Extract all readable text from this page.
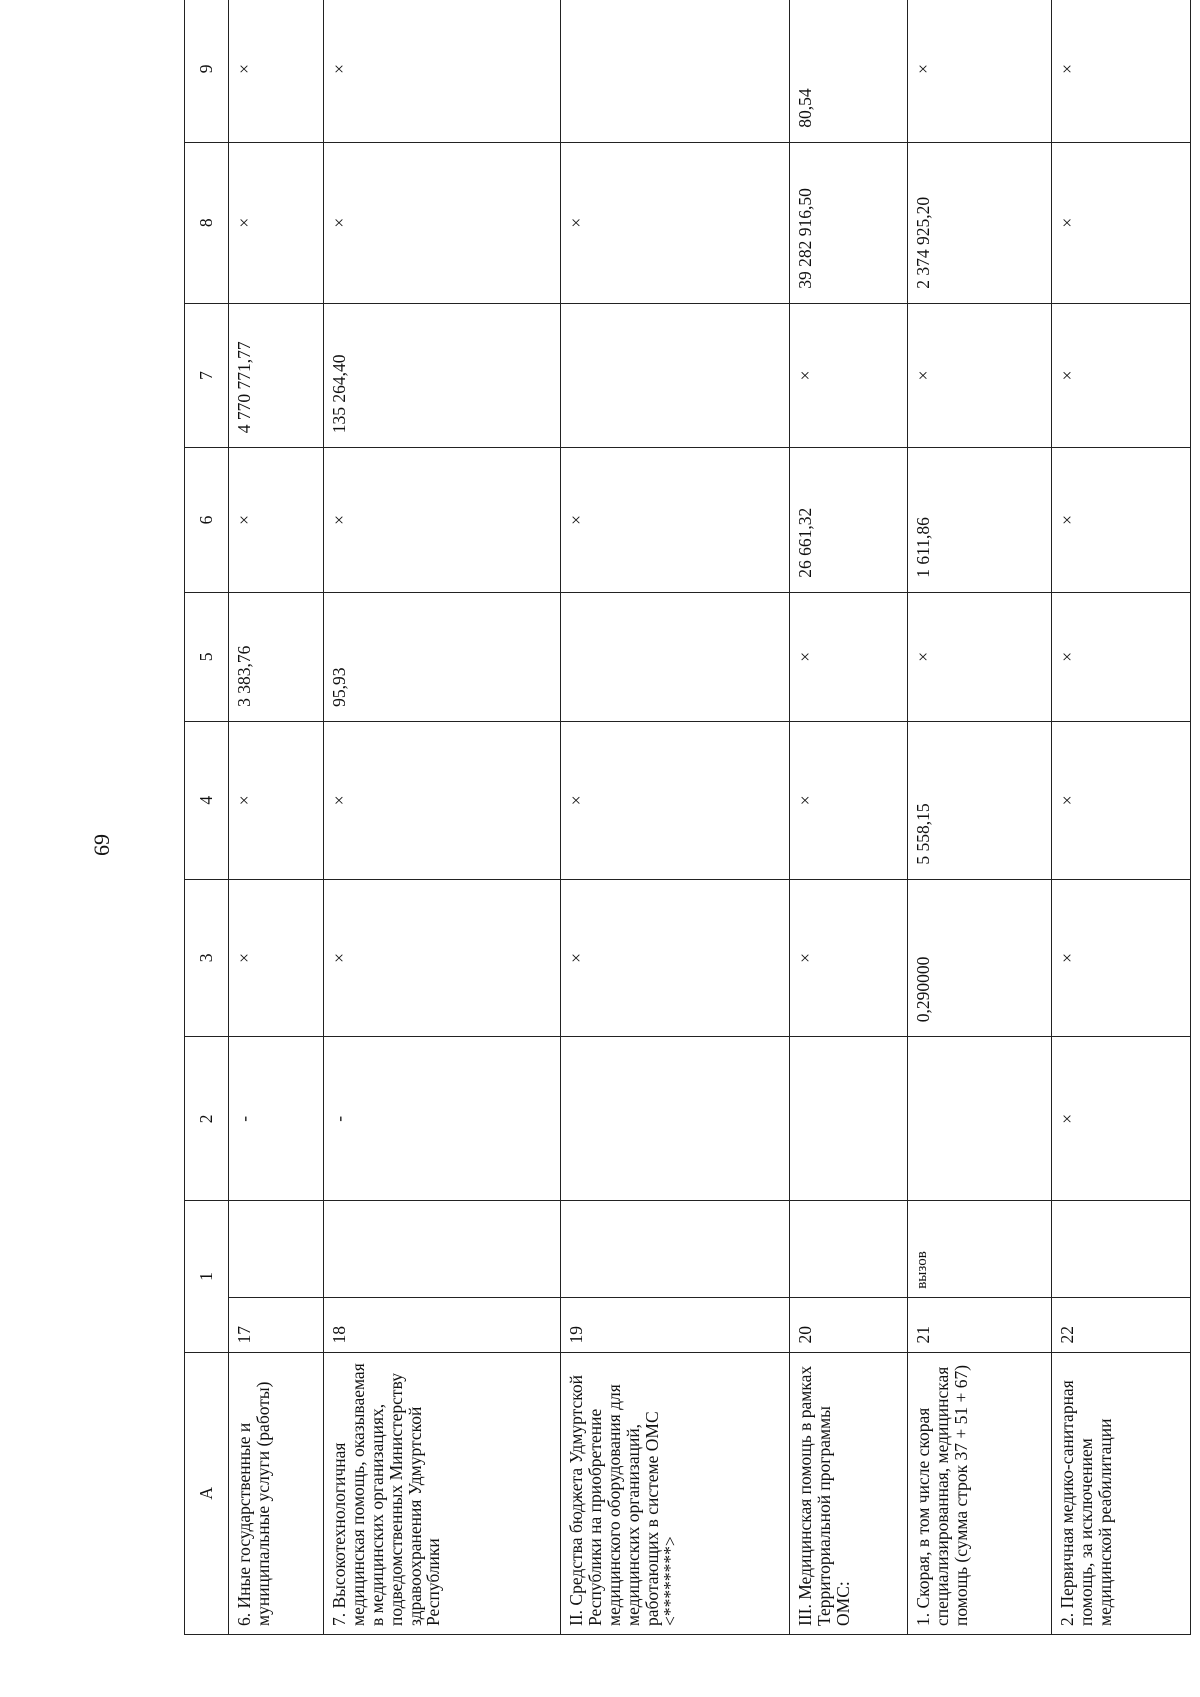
69
А	1		2	3	4	5	6	7	8	9
6. Иные государственные и муниципальные услуги (работы)	17		-	×	×	3 383,76	×	4 770 771,77	×	×
7. Высокотехнологичная медицинская помощь, оказываемая в медицинских организациях, подведомственных Министерству здравоохранения Удмуртской Республики	18		-	×	×	95,93	×	135 264,40	×	×
II. Средства бюджета Удмуртской Республики на приобретение медицинского оборудования для медицинских организаций, работающих в системе ОМС <********>	19			×	×		×		×	
III. Медицинская помощь в рамках Территориальной программы ОМС:	20			×	×	×	26 661,32	×	39 282 916,50	80,54
1. Скорая, в том числе скорая специализированная, медицинская помощь (сумма строк 37 + 51 + 67)	21	вызов		0,290000	5 558,15	×	1 611,86	×	2 374 925,20	×
2. Первичная медико-санитарная помощь, за исключением медицинской реабилитации	22		×	×	×	×	×	×	×	×
